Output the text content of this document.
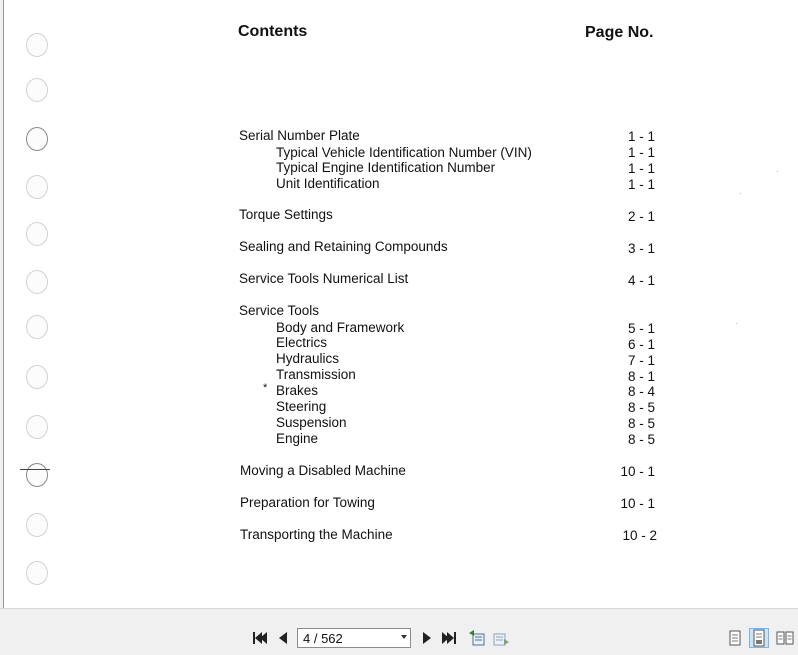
Contents	Page No.
Serial Number Plate	1 - 1
Typical Vehicle Identification Number (VIN)	1 - 1
Typical Engine Identification Number	1 - 1
Unit Identification	1 - 1
Torque Settings	2 - 1
Sealing and Retaining Compounds	3 - 1
Service Tools Numerical List	4 - 1
Service Tools
Body and Framework	5 - 1
Electrics	6 - 1
Hydraulics	7 - 1
Transmission	8 - 1
* Brakes	8 - 4
Steering	8 - 5
Suspension	8 - 5
Engine	8 - 5
Moving a Disabled Machine	10 - 1
Preparation for Towing	10 - 1
Transporting the Machine	10 - 2
4 / 562
